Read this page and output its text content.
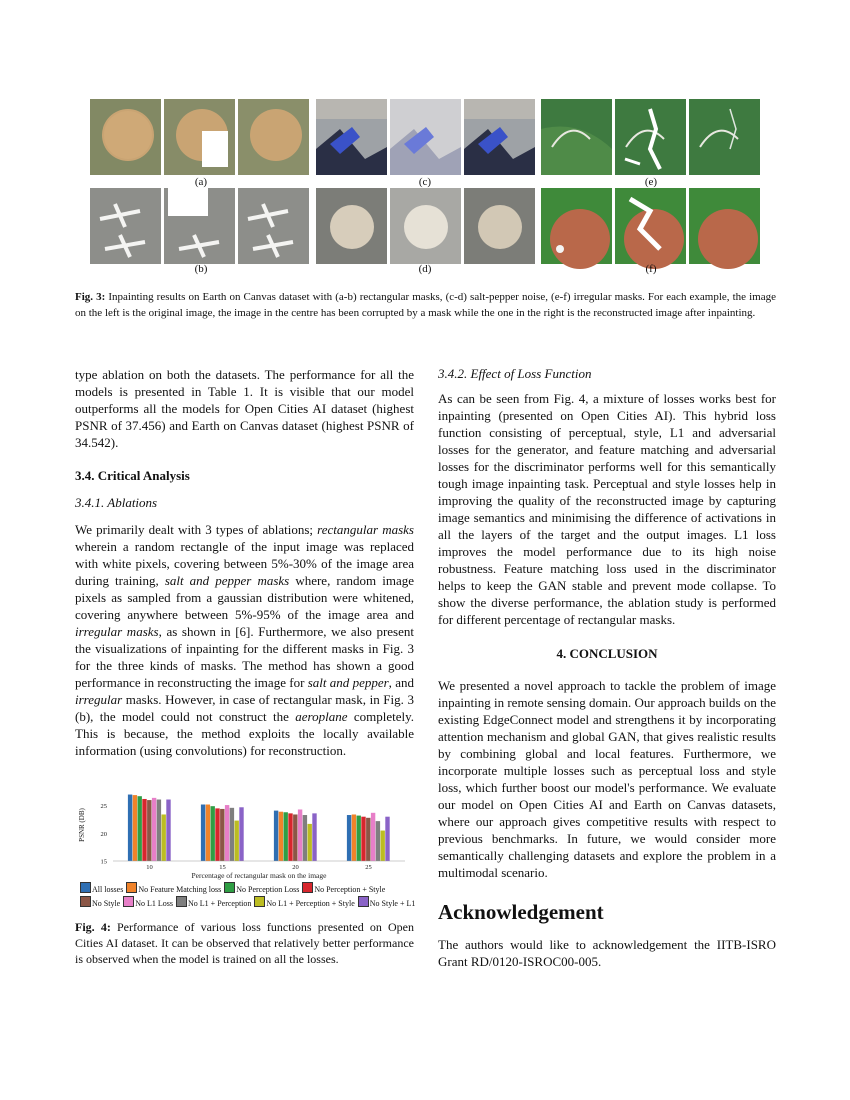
(a)	(c)	(e)
(b)	(d)	(f)
Fig. 3: Inpainting results on Earth on Canvas dataset with (a-b) rectangular masks, (c-d) salt-pepper noise, (e-f) irregular masks. For each example, the image on the left is the original image, the image in the centre has been corrupted by a mask while the one in the right is the reconstructed image after inpainting.
type ablation on both the datasets. The performance for all the models is presented in Table 1. It is visible that our model outperforms all the models for Open Cities AI dataset (highest PSNR of 37.456) and Earth on Canvas dataset (highest PSNR of 34.542).
3.4. Critical Analysis
3.4.1. Ablations
We primarily dealt with 3 types of ablations; rectangular masks wherein a random rectangle of the input image was replaced with white pixels, covering between 5%-30% of the image area during training, salt and pepper masks where, random image pixels as sampled from a gaussian distribution were whitened, covering anywhere between 5%-95% of the image area and irregular masks, as shown in [6]. Furthermore, we also present the visualizations of inpainting for the different masks in Fig. 3 for the three kinds of masks. The method has shown a good performance in reconstructing the image for salt and pepper, and irregular masks. However, in case of rectangular mask, in Fig. 3 (b), the model could not construct the aeroplane completely. This is because, the method exploits the locally available information (using convolutions) for reconstruction.
15
20
25
10	15	20	25
PSNR (DB)
Percentage of rectangular mask on the image
All losses No Feature Matching loss No Perception Loss No Perception + Style
No Style No L1 Loss No L1 + Perception No L1 + Perception + Style No Style + L1
Fig. 4: Performance of various loss functions presented on Open Cities AI dataset. It can be observed that relatively better performance is observed when the model is trained on all the losses.
3.4.2. Effect of Loss Function
As can be seen from Fig. 4, a mixture of losses works best for inpainting (presented on Open Cities AI). This hybrid loss function consisting of perceptual, style, L1 and adversarial losses for the generator, and feature matching and adversarial losses for the discriminator performs well for this semantically tough image inpainting task. Perceptual and style losses help in improving the quality of the reconstructed image by capturing image semantics and minimising the difference of activations in all the layers of the target and the output images. L1 loss improves the model performance due to its high noise robustness. Feature matching loss used in the discriminator helps to keep the GAN stable and prevent mode collapse. To show the diverse performance, the ablation study is performed for different percentage of rectangular masks.
4. CONCLUSION
We presented a novel approach to tackle the problem of image inpainting in remote sensing domain. Our approach builds on the existing EdgeConnect model and strengthens it by incorporating attention mechanism and global GAN, that gives realistic results by combining global and local features. Furthermore, we incorporate multiple losses such as perceptual loss and style loss, which further boost our model's performance. We evaluate our model on Open Cities AI and Earth on Canvas datasets, where our approach gives competitive results with respect to previous benchmarks. In future, we would consider more semantically challenging datasets and explore the problem in a multimodal scenario.
Acknowledgement
The authors would like to acknowledgement the IITB-ISRO Grant RD/0120-ISROC00-005.
